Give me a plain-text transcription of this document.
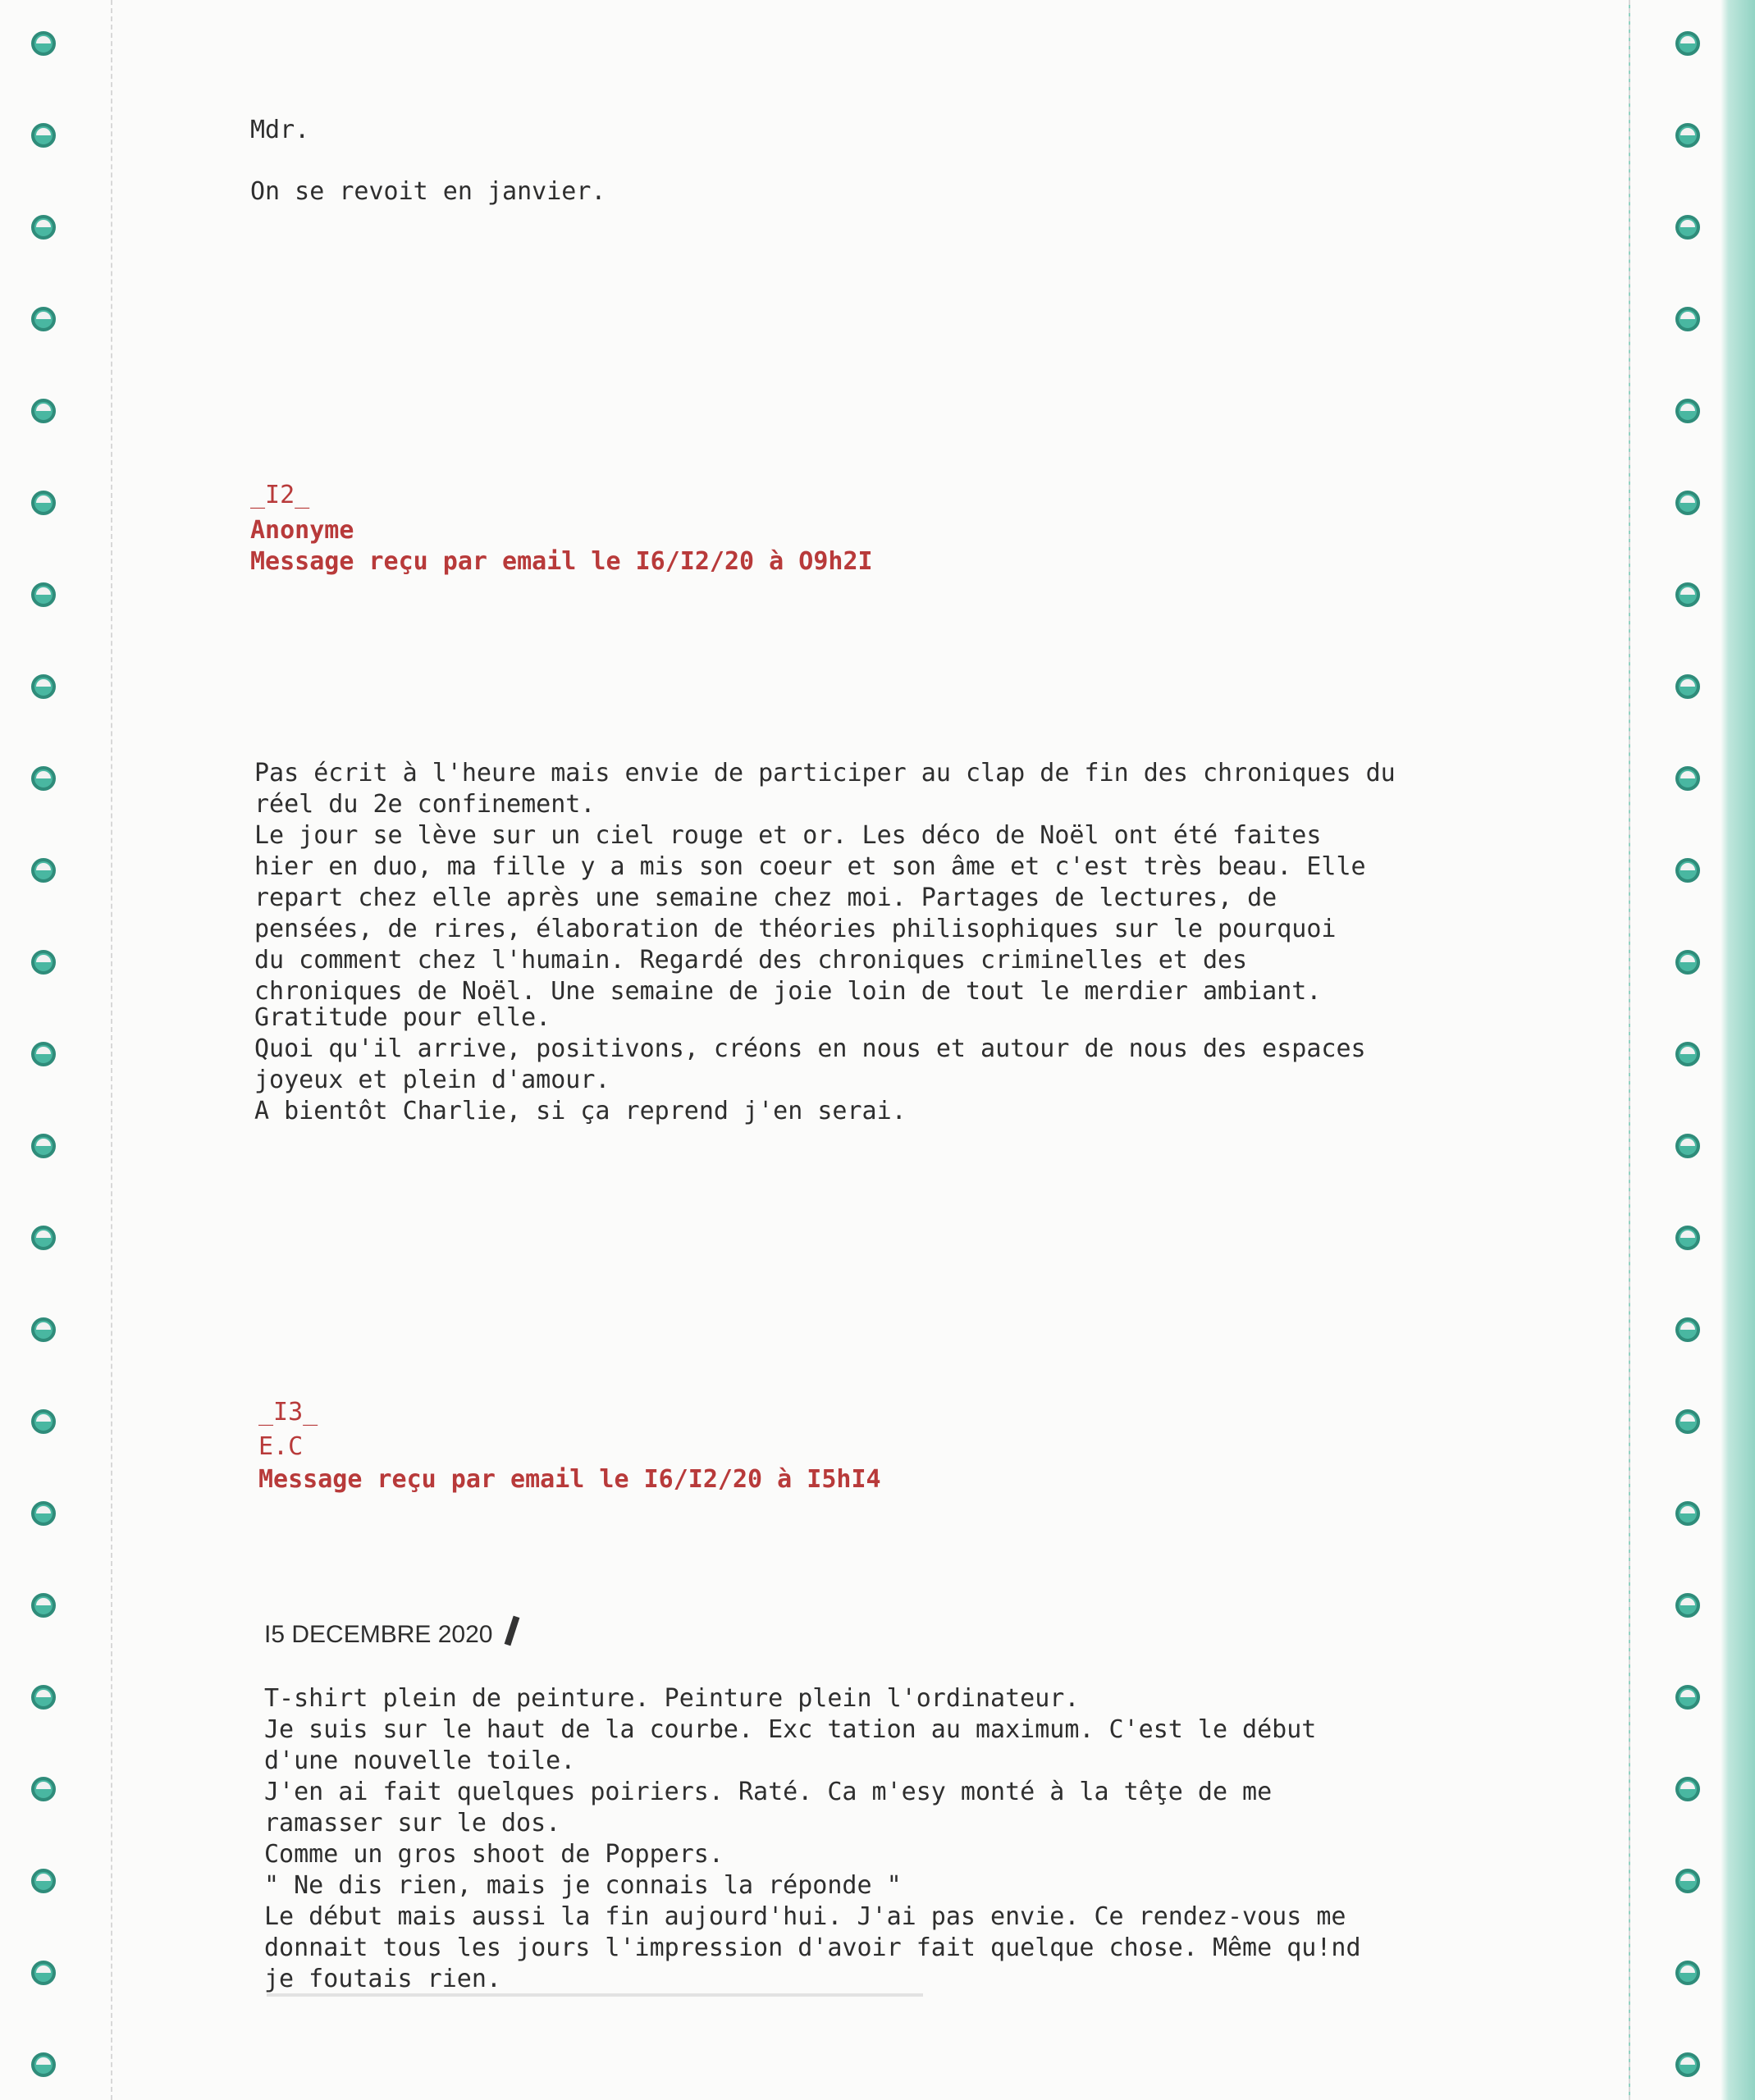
Mdr.

On se revoit en janvier.

_I2_

Anonyme

Message reçu par email le I6/I2/20 à O9h2I

Pas écrit à l'heure mais envie de participer au clap de fin des chroniques du

réel du 2e confinement.

Le jour se lève sur un ciel rouge et or. Les déco de Noël ont été faites

hier en duo, ma fille y a mis son coeur et son âme et c'est très beau. Elle

repart chez elle après une semaine chez moi. Partages de lectures, de

pensées, de rires, élaboration de théories philisophiques sur le pourquoi

du comment chez l'humain. Regardé des chroniques criminelles et des

chroniques de Noël. Une semaine de joie loin de tout le merdier ambiant.

Gratitude pour elle.

Quoi qu'il arrive, positivons, créons en nous et autour de nous des espaces

joyeux et plein d'amour.

A bientôt Charlie, si ça reprend j'en serai.

_I3_

E.C

Message reçu par email le I6/I2/20 à I5hI4

I5 DECEMBRE 2020

T-shirt plein de peinture. Peinture plein l'ordinateur.

Je suis sur le haut de la courbe. Exc tation au maximum. C'est le début

d'une nouvelle toile.

J'en ai fait quelques poiriers. Raté. Ca m'esy monté à la têţe de me

ramasser sur le dos.

Comme un gros shoot de Poppers.

" Ne dis rien, mais je connais la réponde "

Le début mais aussi la fin aujourd'hui. J'ai pas envie. Ce rendez-vous me

donnait tous les jours l'impression d'avoir fait quelque chose. Même qu!nd

je foutais rien.
